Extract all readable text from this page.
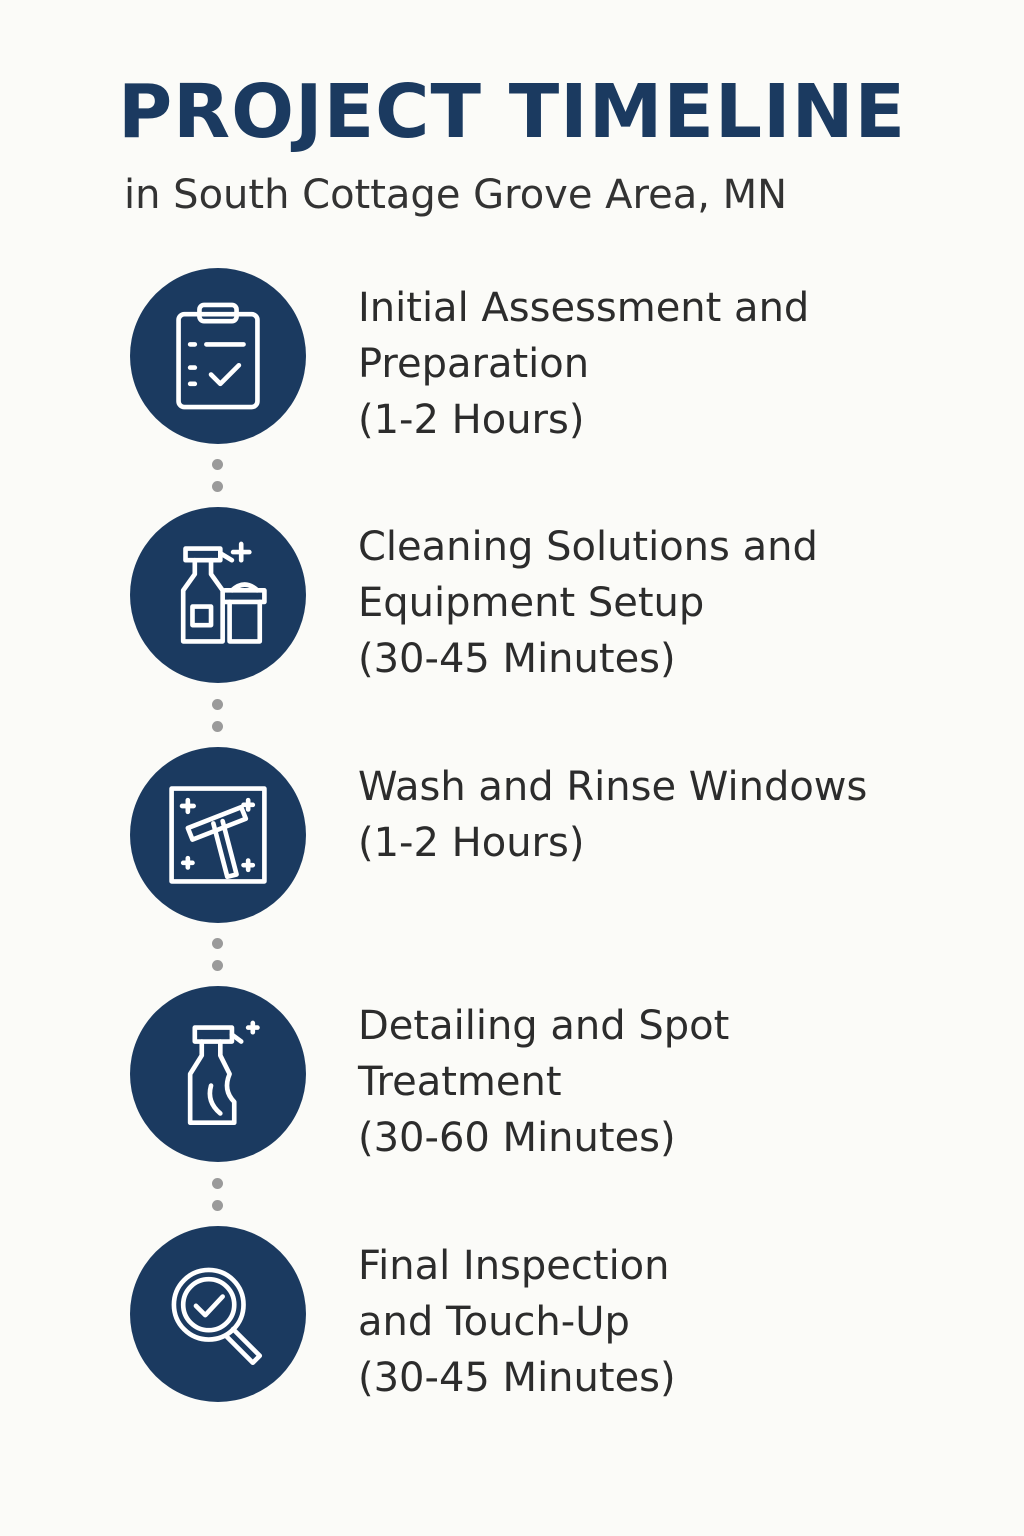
PROJECT TIMELINE

in South Cottage Grove Area, MN

Initial Assessment and
Preparation
(1-2 Hours)
Cleaning Solutions and
Equipment Setup
(30-45 Minutes)
Wash and Rinse Windows
(1-2 Hours)
Detailing and Spot
Treatment
(30-60 Minutes)
Final Inspection
and Touch-Up
(30-45 Minutes)
